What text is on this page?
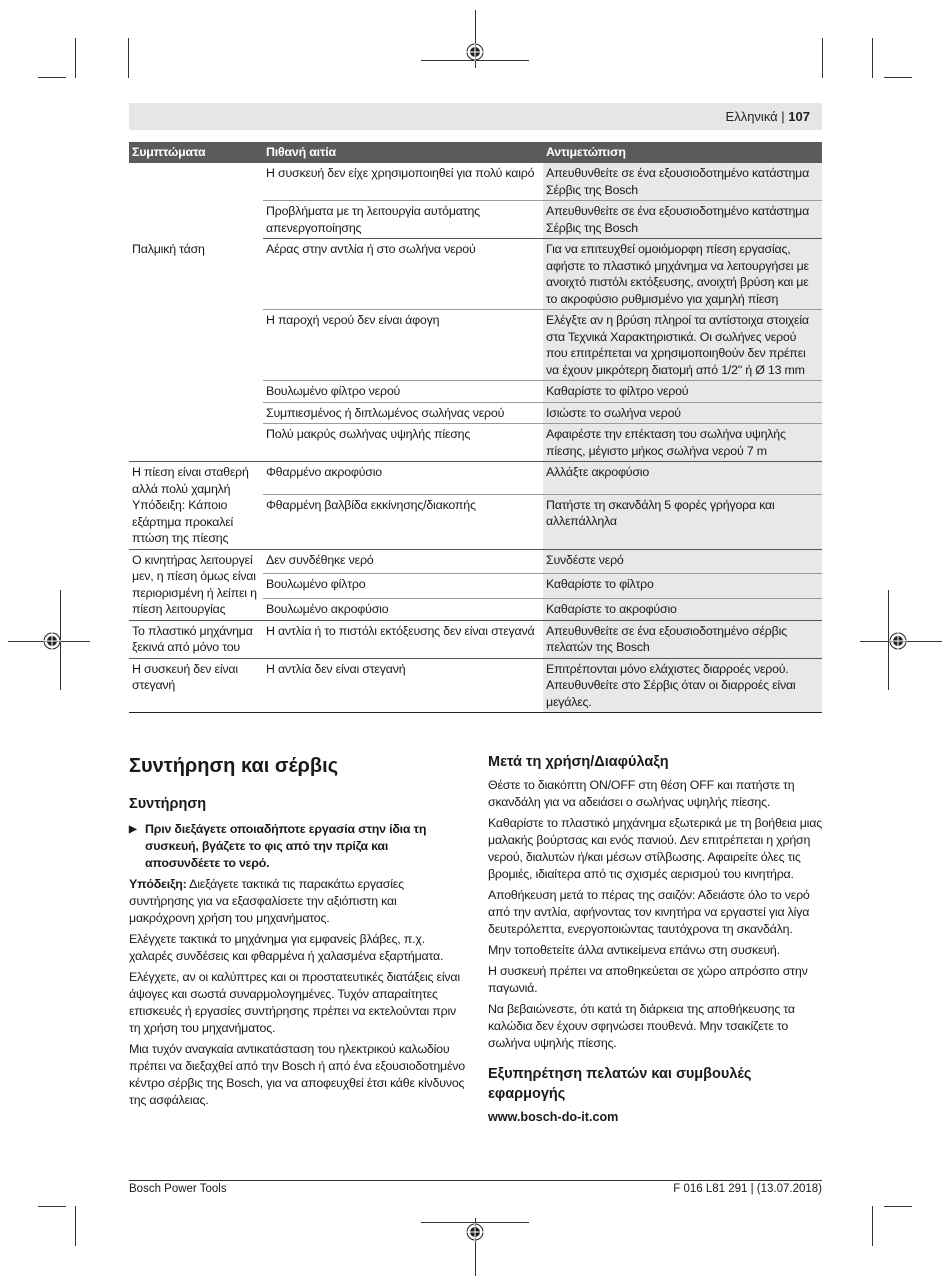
Ελληνικά | 107
Συμπτώματα	Πιθανή αιτία	Αντιμετώπιση
	Η συσκευή δεν είχε χρησιμοποιηθεί για πολύ καιρό	Απευθυνθείτε σε ένα εξουσιοδοτημένο κατάστημα Σέρβις της Bosch
	Προβλήματα με τη λειτουργία αυτόματης απενεργοποίησης	Απευθυνθείτε σε ένα εξουσιοδοτημένο κατάστημα Σέρβις της Bosch
Παλμική τάση	Αέρας στην αντλία ή στο σωλήνα νερού	Για να επιτευχθεί ομοιόμορφη πίεση εργασίας, αφήστε το πλαστικό μηχάνημα να λειτουργήσει με ανοιχτό πιστόλι εκτόξευσης, ανοιχτή βρύση και με το ακροφύσιο ρυθμισμένο για χαμηλή πίεση
	Η παροχή νερού δεν είναι άφογη	Ελέγξτε αν η βρύση πληροί τα αντίστοιχα στοιχεία στα Τεχνικά Χαρακτηριστικά. Οι σωλήνες νερού που επιτρέπεται να χρησιμοποιηθούν δεν πρέπει να έχουν μικρότερη διατομή από 1/2" ή Ø 13 mm
	Βουλωμένο φίλτρο νερού	Καθαρίστε το φίλτρο νερού
	Συμπιεσμένος ή διπλωμένος σωλήνας νερού	Ισιώστε το σωλήνα νερού
	Πολύ μακρύς σωλήνας υψηλής πίεσης	Αφαιρέστε την επέκταση του σωλήνα υψηλής πίεσης, μέγιστο μήκος σωλήνα νερού 7 m
Η πίεση είναι σταθερή αλλά πολύ χαμηλή Υπόδειξη: Κάποιο εξάρτημα προκαλεί πτώση της πίεσης	Φθαρμένο ακροφύσιο	Αλλάξτε ακροφύσιο
	Φθαρμένη βαλβίδα εκκίνησης/διακοπής	Πατήστε τη σκανδάλη 5 φορές γρήγορα και αλλεπάλληλα
Ο κινητήρας λειτουργεί μεν, η πίεση όμως είναι περιορισμένη ή λείπει η πίεση λειτουργίας	Δεν συνδέθηκε νερό	Συνδέστε νερό
	Βουλωμένο φίλτρο	Καθαρίστε το φίλτρο
	Βουλωμένο ακροφύσιο	Καθαρίστε το ακροφύσιο
Το πλαστικό μηχάνημα ξεκινά από μόνο του	Η αντλία ή το πιστόλι εκτόξευσης δεν είναι στεγανά	Απευθυνθείτε σε ένα εξουσιοδοτημένο σέρβις πελατών της Bosch
Η συσκευή δεν είναι στεγανή	Η αντλία δεν είναι στεγανή	Επιτρέπονται μόνο ελάχιστες διαρροές νερού. Απευθυνθείτε στο Σέρβις όταν οι διαρροές είναι μεγάλες.
Συντήρηση και σέρβις
Συντήρηση

▶ Πριν διεξάγετε οποιαδήποτε εργασία στην ίδια τη συσκευή, βγάζετε το φις από την πρίζα και αποσυνδέετε το νερό.

Υπόδειξη: Διεξάγετε τακτικά τις παρακάτω εργασίες συντήρησης για να εξασφαλίσετε την αξιόπιστη και μακρόχρονη χρήση του μηχανήματος.

Ελέγχετε τακτικά το μηχάνημα για εμφανείς βλάβες, π.χ. χαλαρές συνδέσεις και φθαρμένα ή χαλασμένα εξαρτήματα.

Ελέγχετε, αν οι καλύπτρες και οι προστατευτικές διατάξεις είναι άψογες και σωστά συναρμολογημένες. Τυχόν απαραίτητες επισκευές ή εργασίες συντήρησης πρέπει να εκτελούνται πριν τη χρήση του μηχανήματος.

Μια τυχόν αναγκαία αντικατάσταση του ηλεκτρικού καλωδίου πρέπει να διεξαχθεί από την Bosch ή από ένα εξουσιοδοτημένο κέντρο σέρβις της Bosch, για να αποφευχθεί έτσι κάθε κίνδυνος της ασφάλειας.

Μετά τη χρήση/Διαφύλαξη

Θέστε το διακόπτη ON/OFF στη θέση OFF και πατήστε τη σκανδάλη για να αδειάσει ο σωλήνας υψηλής πίεσης.

Καθαρίστε το πλαστικό μηχάνημα εξωτερικά με τη βοήθεια μιας μαλακής βούρτσας και ενός πανιού. Δεν επιτρέπεται η χρήση νερού, διαλυτών ή/και μέσων στίλβωσης. Αφαιρείτε όλες τις βρομιές, ιδιαίτερα από τις σχισμές αερισμού του κινητήρα.

Αποθήκευση μετά το πέρας της σαιζόν: Αδειάστε όλο το νερό από την αντλία, αφήνοντας τον κινητήρα να εργαστεί για λίγα δευτερόλεπτα, ενεργοποιώντας ταυτόχρονα τη σκανδάλη.

Μην τοποθετείτε άλλα αντικείμενα επάνω στη συσκευή.

Η συσκευή πρέπει να αποθηκεύεται σε χώρο απρόσιτο στην παγωνιά.

Να βεβαιώνεστε, ότι κατά τη διάρκεια της αποθήκευσης τα καλώδια δεν έχουν σφηνώσει πουθενά. Μην τσακίζετε το σωλήνα υψηλής πίεσης.

Εξυπηρέτηση πελατών και συμβουλές εφαρμογής
www.bosch-do-it.com
Bosch Power Tools	F 016 L81 291 | (13.07.2018)
